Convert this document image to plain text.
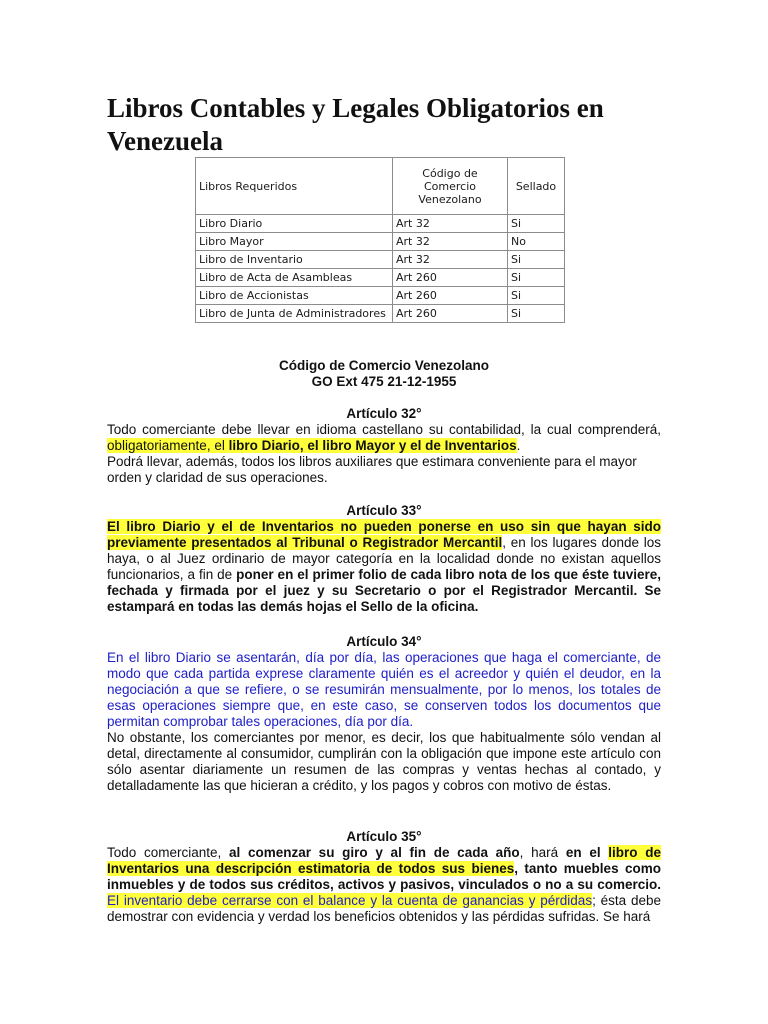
Libros Contables y Legales Obligatorios en Venezuela
Libros Requeridos	Código de Comercio Venezolano	Sellado
Libro Diario	Art 32	Si
Libro Mayor	Art 32	No
Libro de Inventario	Art 32	Si
Libro de Acta de Asambleas	Art 260	Si
Libro de Accionistas	Art 260	Si
Libro de Junta de Administradores	Art 260	Si

Código de Comercio Venezolano

GO Ext 475 21-12-1955

Artículo 32°

Todo comerciante debe llevar en idioma castellano su contabilidad, la cual comprenderá, obligatoriamente, el libro Diario, el libro Mayor y el de Inventarios.

Podrá llevar, además, todos los libros auxiliares que estimara conveniente para el mayor orden y claridad de sus operaciones.

Artículo 33°

El libro Diario y el de Inventarios no pueden ponerse en uso sin que hayan sido previamente presentados al Tribunal o Registrador Mercantil, en los lugares donde los haya, o al Juez ordinario de mayor categoría en la localidad donde no existan aquellos funcionarios, a fin de poner en el primer folio de cada libro nota de los que éste tuviere, fechada y firmada por el juez y su Secretario o por el Registrador Mercantil. Se estampará en todas las demás hojas el Sello de la oficina.

Artículo 34°

En el libro Diario se asentarán, día por día, las operaciones que haga el comerciante, de modo que cada partida exprese claramente quién es el acreedor y quién el deudor, en la negociación a que se refiere, o se resumirán mensualmente, por lo menos, los totales de esas operaciones siempre que, en este caso, se conserven todos los documentos que permitan comprobar tales operaciones, día por día.

No obstante, los comerciantes por menor, es decir, los que habitualmente sólo vendan al detal, directamente al consumidor, cumplirán con la obligación que impone este artículo con sólo asentar diariamente un resumen de las compras y ventas hechas al contado, y detalladamente las que hicieran a crédito, y los pagos y cobros con motivo de éstas.

Artículo 35°

Todo comerciante, al comenzar su giro y al fin de cada año, hará en el libro de Inventarios una descripción estimatoria de todos sus bienes, tanto muebles como inmuebles y de todos sus créditos, activos y pasivos, vinculados o no a su comercio. El inventario debe cerrarse con el balance y la cuenta de ganancias y pérdidas; ésta debe demostrar con evidencia y verdad los beneficios obtenidos y las pérdidas sufridas. Se hará
